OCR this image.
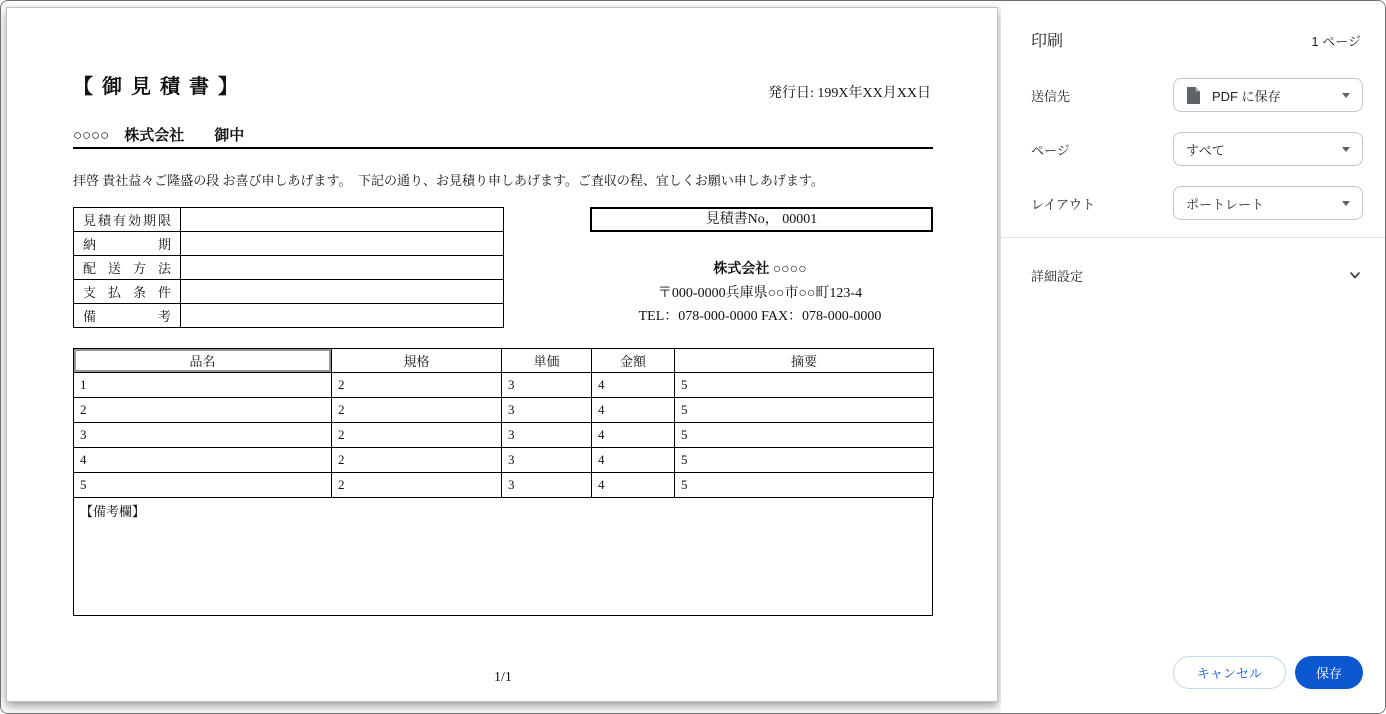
【 御 見 積 書 】	発行日: 199X年XX月XX日
○○○○　 株式会社　　 御中
拝啓 貴社益々ご隆盛の段 お喜び申しあげます。　下記の通り、お見積り申しあげます。ご査収の程、宜しくお願い申しあげます。
見積有効期限	
納期	
配送方法	
支払条件	
備考	
見積書No， 00001
株式会社 ○○○○
〒000-0000兵庫県○○市○○町123-4
TEL：078-000-0000 FAX：078-000-0000
品名	規格	単価	金額	摘要
1	2	3	4	5
2	2	3	4	5
3	2	3	4	5
4	2	3	4	5
5	2	3	4	5
【備考欄】
1/1
印刷	1 ページ
送信先	PDF に保存
ページ	すべて
レイアウト	ポートレート
詳細設定
キャンセル	保存
